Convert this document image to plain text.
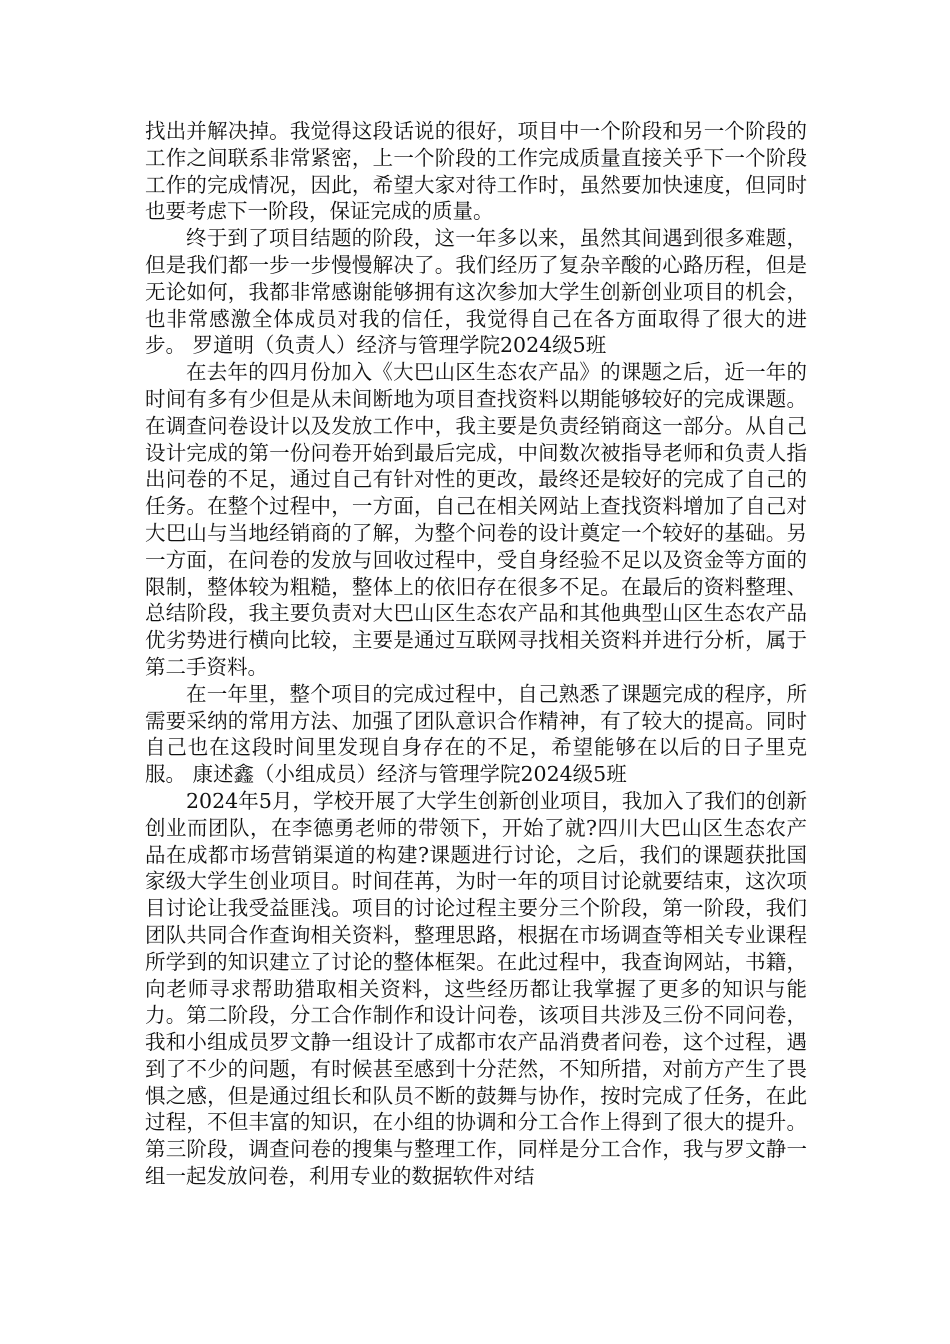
找出并解决掉。我觉得这段话说的很好，项目中一个阶段和另一个阶段的工作之间联系非常紧密，上一个阶段的工作完成质量直接关乎下一个阶段工作的完成情况，因此，希望大家对待工作时，虽然要加快速度，但同时也要考虑下一阶段，保证完成的质量。

终于到了项目结题的阶段，这一年多以来，虽然其间遇到很多难题，但是我们都一步一步慢慢解决了。我们经历了复杂辛酸的心路历程，但是无论如何，我都非常感谢能够拥有这次参加大学生创新创业项目的机会，也非常感激全体成员对我的信任，我觉得自己在各方面取得了很大的进步。 罗道明（负责人）经济与管理学院2024级5班

在去年的四月份加入《大巴山区生态农产品》的课题之后，近一年的时间有多有少但是从未间断地为项目查找资料以期能够较好的完成课题。在调查问卷设计以及发放工作中，我主要是负责经销商这一部分。从自己设计完成的第一份问卷开始到最后完成，中间数次被指导老师和负责人指出问卷的不足，通过自己有针对性的更改，最终还是较好的完成了自己的任务。在整个过程中，一方面，自己在相关网站上查找资料增加了自己对大巴山与当地经销商的了解，为整个问卷的设计奠定一个较好的基础。另一方面，在问卷的发放与回收过程中，受自身经验不足以及资金等方面的限制，整体较为粗糙，整体上的依旧存在很多不足。在最后的资料整理、总结阶段，我主要负责对大巴山区生态农产品和其他典型山区生态农产品优劣势进行横向比较，主要是通过互联网寻找相关资料并进行分析，属于第二手资料。

在一年里，整个项目的完成过程中，自己熟悉了课题完成的程序，所需要采纳的常用方法、加强了团队意识合作精神，有了较大的提高。同时自己也在这段时间里发现自身存在的不足，希望能够在以后的日子里克服。 康述鑫（小组成员）经济与管理学院2024级5班

2024年5月，学校开展了大学生创新创业项目，我加入了我们的创新创业而团队，在李德勇老师的带领下，开始了就?四川大巴山区生态农产品在成都市场营销渠道的构建?课题进行讨论，之后，我们的课题获批国家级大学生创业项目。时间荏苒，为时一年的项目讨论就要结束，这次项目讨论让我受益匪浅。项目的讨论过程主要分三个阶段，第一阶段，我们团队共同合作查询相关资料，整理思路，根据在市场调查等相关专业课程所学到的知识建立了讨论的整体框架。在此过程中，我查询网站，书籍，向老师寻求帮助猎取相关资料，这些经历都让我掌握了更多的知识与能力。第二阶段，分工合作制作和设计问卷，该项目共涉及三份不同问卷，我和小组成员罗文静一组设计了成都市农产品消费者问卷，这个过程，遇到了不少的问题，有时候甚至感到十分茫然，不知所措，对前方产生了畏惧之感，但是通过组长和队员不断的鼓舞与协作，按时完成了任务，在此过程，不但丰富的知识，在小组的协调和分工合作上得到了很大的提升。第三阶段，调查问卷的搜集与整理工作，同样是分工合作，我与罗文静一组一起发放问卷，利用专业的数据软件对结
